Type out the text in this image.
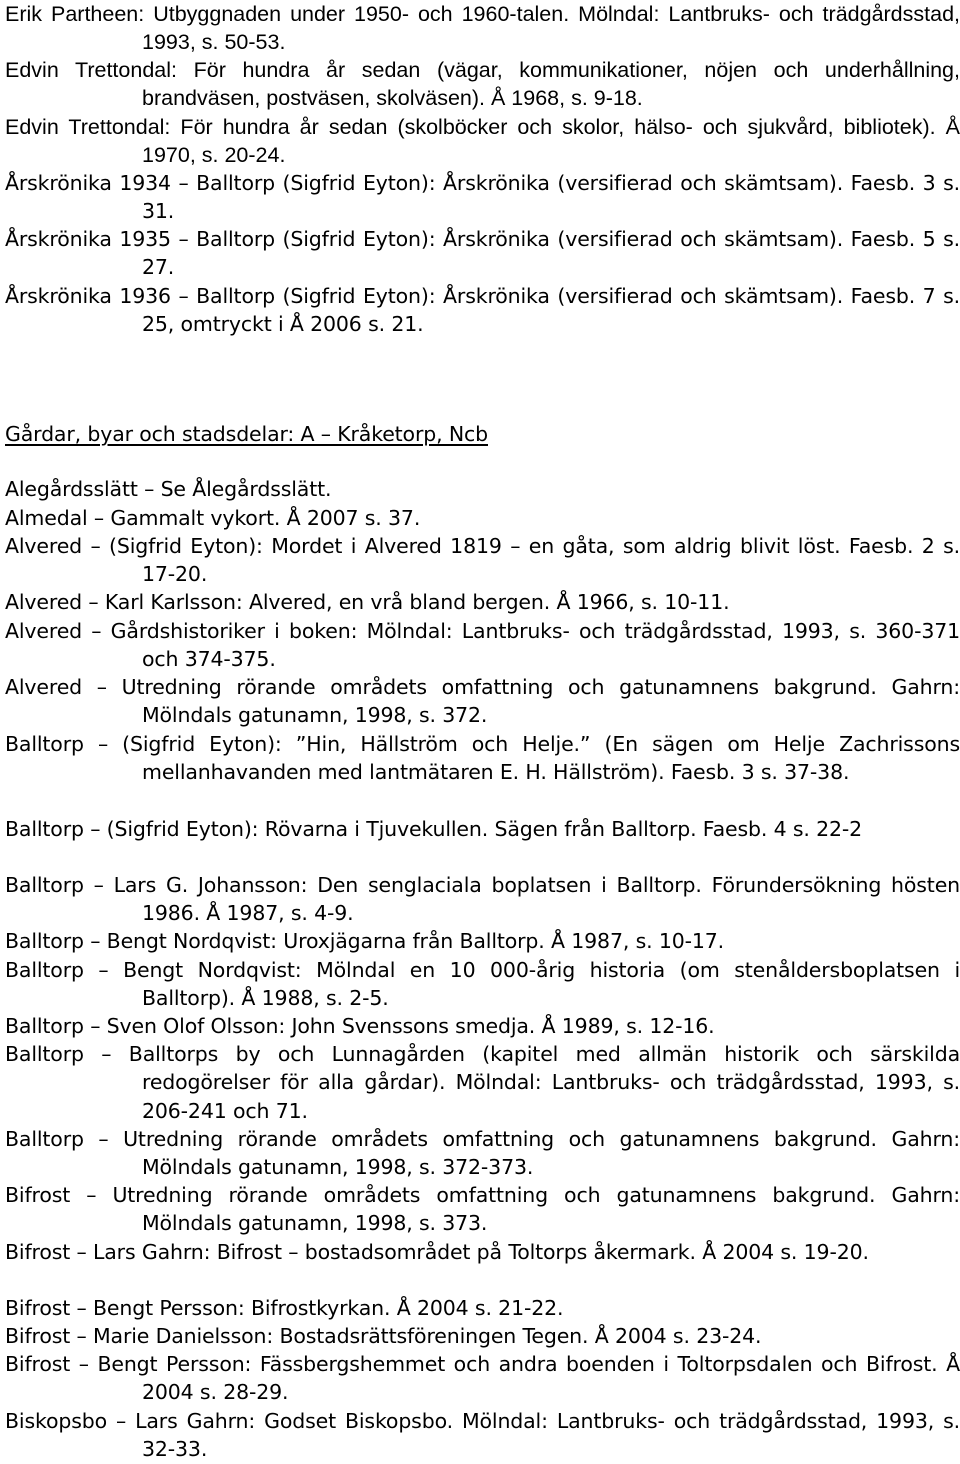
Erik Partheen: Utbyggnaden under 1950- och 1960-talen. Mölndal: Lantbruks- och trädgårdsstad, 1993, s. 50-53.
Edvin Trettondal: För hundra år sedan (vägar, kommunikationer, nöjen och underhållning, brandväsen, postväsen, skolväsen). Å 1968, s. 9-18.
Edvin Trettondal: För hundra år sedan (skolböcker och skolor, hälso- och sjukvård, bibliotek). Å 1970, s. 20-24.
Årskrönika 1934 – Balltorp (Sigfrid Eyton): Årskrönika (versifierad och skämtsam). Faesb. 3 s. 31.
Årskrönika 1935 – Balltorp (Sigfrid Eyton): Årskrönika (versifierad och skämtsam). Faesb. 5 s. 27.
Årskrönika 1936 – Balltorp (Sigfrid Eyton): Årskrönika (versifierad och skämtsam). Faesb. 7 s. 25, omtryckt i Å 2006 s. 21.
Gårdar, byar och stadsdelar: A – Kråketorp, Ncb
Alegårdsslätt – Se Ålegårdsslätt.
Almedal – Gammalt vykort. Å 2007 s. 37.
Alvered – (Sigfrid Eyton): Mordet i Alvered 1819 – en gåta, som aldrig blivit löst. Faesb. 2 s. 17-20.
Alvered – Karl Karlsson: Alvered, en vrå bland bergen. Å 1966, s. 10-11.
Alvered – Gårdshistoriker i boken: Mölndal: Lantbruks- och trädgårdsstad, 1993, s. 360-371 och 374-375.
Alvered – Utredning rörande områdets omfattning och gatunamnens bakgrund. Gahrn: Mölndals gatunamn, 1998, s. 372.
Balltorp – (Sigfrid Eyton): ”Hin, Hällström och Helje.” (En sägen om Helje Zachrissons mellanhavanden med lantmätaren E. H. Hällström). Faesb. 3 s. 37-38.
Balltorp – (Sigfrid Eyton): Rövarna i Tjuvekullen. Sägen från Balltorp. Faesb. 4 s. 22-2
Balltorp – Lars G. Johansson: Den senglaciala boplatsen i Balltorp. Förundersökning hösten 1986. Å 1987, s. 4-9.
Balltorp – Bengt Nordqvist: Uroxjägarna från Balltorp. Å 1987, s. 10-17.
Balltorp – Bengt Nordqvist: Mölndal en 10 000-årig historia (om stenåldersboplatsen i Balltorp). Å 1988, s. 2-5.
Balltorp – Sven Olof Olsson: John Svenssons smedja. Å 1989, s. 12-16.
Balltorp – Balltorps by och Lunnagården (kapitel med allmän historik och särskilda redogörelser för alla gårdar). Mölndal: Lantbruks- och trädgårdsstad, 1993, s. 206-241 och 71.
Balltorp – Utredning rörande områdets omfattning och gatunamnens bakgrund. Gahrn: Mölndals gatunamn, 1998, s. 372-373.
Bifrost – Utredning rörande områdets omfattning och gatunamnens bakgrund. Gahrn: Mölndals gatunamn, 1998, s. 373.
Bifrost – Lars Gahrn: Bifrost – bostadsområdet på Toltorps åkermark. Å 2004 s. 19-20.
Bifrost – Bengt Persson: Bifrostkyrkan. Å 2004 s. 21-22.
Bifrost – Marie Danielsson: Bostadsrättsföreningen Tegen. Å 2004 s. 23-24.
Bifrost – Bengt Persson: Fässbergshemmet och andra boenden i Toltorpsdalen och Bifrost. Å 2004 s. 28-29.
Biskopsbo – Lars Gahrn: Godset Biskopsbo. Mölndal: Lantbruks- och trädgårdsstad, 1993, s. 32-33.
